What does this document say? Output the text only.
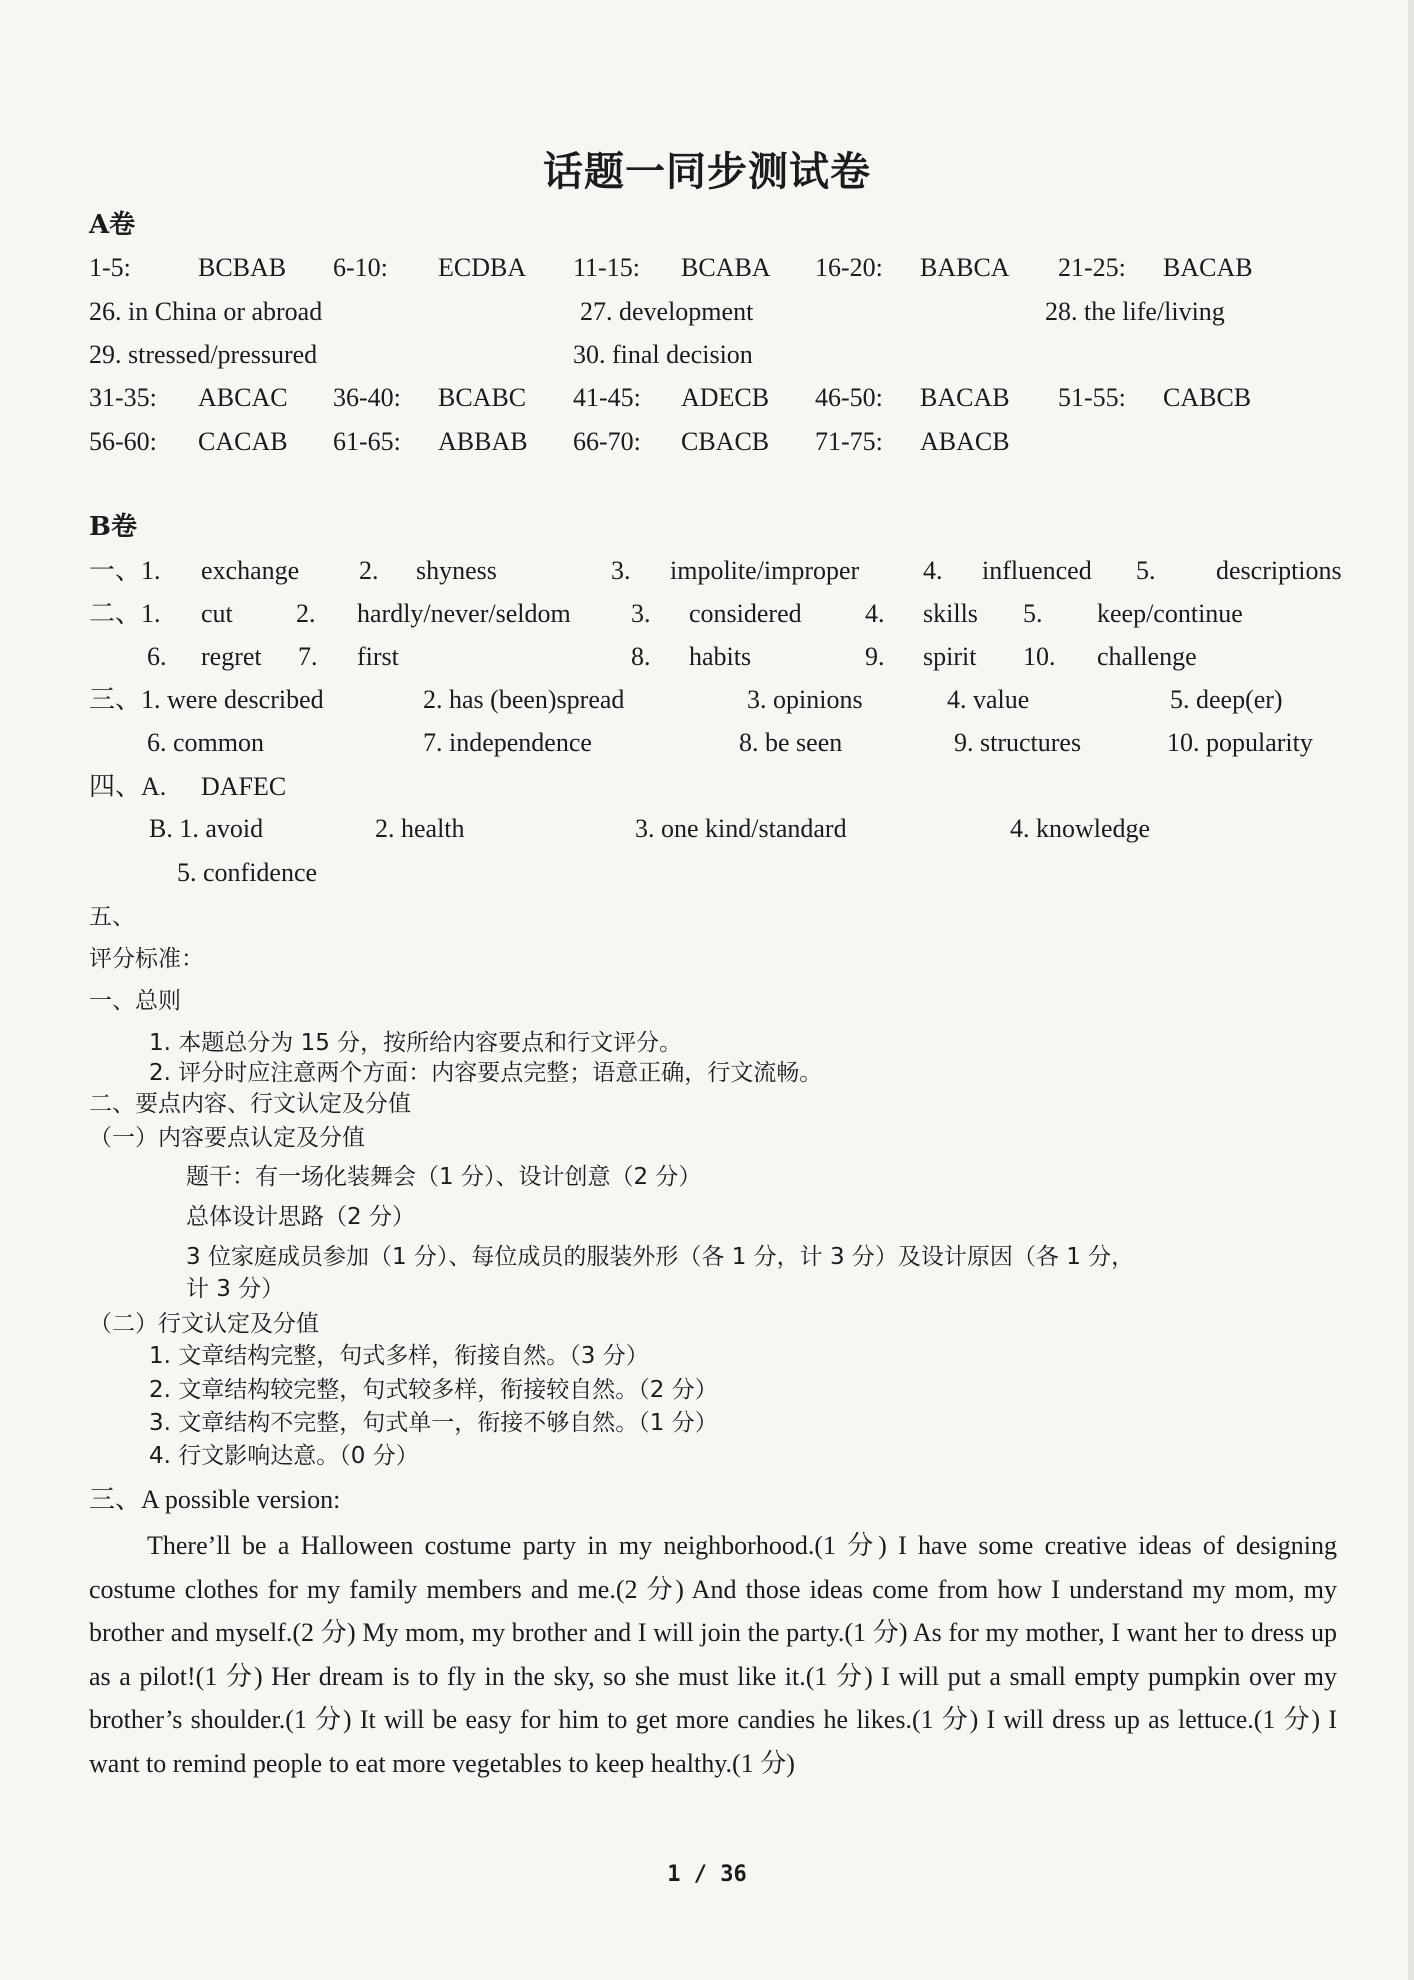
话题一同步测试卷
A卷
1-5:	BCBAB 6-10: ECDBA 11-15: BCABA 16-20: BABCA 21-25: BACAB
26. in China or abroad	27. development	28. the life/living
29. stressed/pressured	30. final decision
31-35: ABCAC 36-40: BCABC 41-45: ADECB 46-50: BACAB 51-55: CABCB
56-60: CACAB 61-65: ABBAB 66-70: CBACB 71-75: ABACB
B卷
一、1. exchange 2. shyness	3. impolite/improper 4. influenced 5. descriptions
二、1. cut 2. hardly/never/seldom 3. considered 4. skills 5. keep/continue
6. regret 7. first	8. habits	9. spirit 10. challenge
三、1. were described	2. has (been)spread	3. opinions	4. value	5. deep(er)
6. common	7. independence	8. be seen	9. structures	10. popularity
四、A. DAFEC
B. 1. avoid	2. health	3. one kind/standard	4. knowledge
5. confidence
五、
评分标准：
一、总则
1. 本题总分为 15 分，按所给内容要点和行文评分。
2. 评分时应注意两个方面：内容要点完整；语意正确，行文流畅。
二、要点内容、行文认定及分值
（一）内容要点认定及分值
题干：有一场化装舞会（1 分）、设计创意（2 分）
总体设计思路（2 分）
3 位家庭成员参加（1 分）、每位成员的服装外形（各 1 分，计 3 分）及设计原因（各 1 分，
计 3 分）
（二）行文认定及分值
1. 文章结构完整，句式多样，衔接自然。（3 分）
2. 文章结构较完整，句式较多样，衔接较自然。（2 分）
3. 文章结构不完整，句式单一，衔接不够自然。（1 分）
4. 行文影响达意。（0 分）
三、A possible version:
There’ll be a Halloween costume party in my neighborhood.(1 分) I have some creative ideas of designing costume clothes for my family members and me.(2 分) And those ideas come from how I understand my mom, my brother and myself.(2 分) My mom, my brother and I will join the party.(1 分) As for my mother, I want her to dress up as a pilot!(1 分) Her dream is to fly in the sky, so she must like it.(1 分) I will put a small empty pumpkin over my brother’s shoulder.(1 分) It will be easy for him to get more candies he likes.(1 分) I will dress up as lettuce.(1 分) I want to remind people to eat more vegetables to keep healthy.(1 分)
1 / 36
